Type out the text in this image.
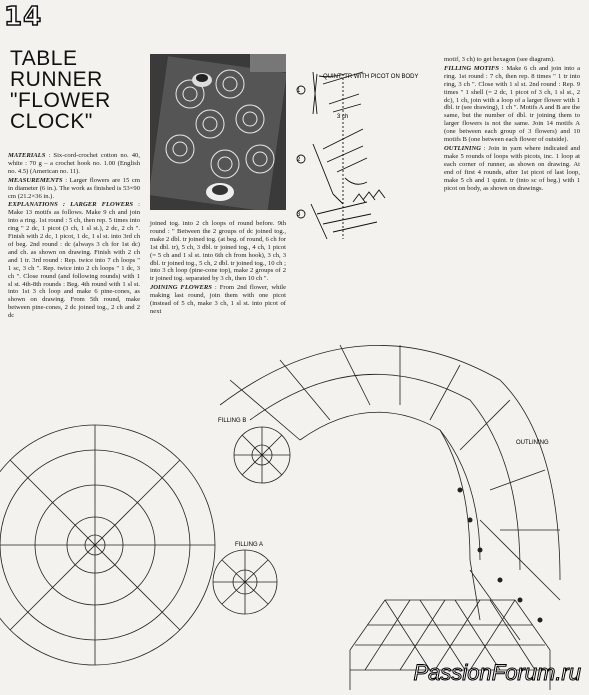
14
TABLE
RUNNER
"FLOWER
CLOCK"

MATERIALS : Six-cord-crochet cotton no. 40, white : 70 g – a crochet hook no. 1.00 (English no. 4.5) (American no. 11).

MEASUREMENTS : Larger flowers are 15 cm in diameter (6 in.). The work as finished is 53×90 cm (21.2×36 in.).

EXPLANATIONS : LARGER FLOWERS : Make 13 motifs as follows. Make 9 ch and join into a ring. 1st round : 5 ch, then rep. 5 times into ring " 2 dc, 1 picot (3 ch, 1 sl st.), 2 dc, 2 ch ". Finish with 2 dc, 1 picot, 1 dc, 1 sl st. into 3rd ch of beg. 2nd round : dc (always 3 ch for 1st dc) and ch. as shown on drawing. Finish with 2 ch and 1 tr. 3rd round : Rep. twice into 7 ch loops " 1 sc, 3 ch ". Rep. twice into 2 ch loops " 1 dc, 3 ch ". Close round (and following rounds) with 1 sl st. 4th-8th rounds : Beg. 4th round with 1 sl st. into 1st 3 ch loop and make 6 pine-cones, as shown on drawing. From 5th round, make between pine-cones, 2 dc joined tog., 2 ch and 2 dc

joined tog. into 2 ch loops of round before. 9th round : " Between the 2 groups of dc joined tog., make 2 dbl. tr joined tog. (at beg. of round, 6 ch for 1st dbl. tr), 5 ch, 3 dbl. tr joined tog., 4 ch, 1 picot (= 5 ch and 1 sl st. into 6th ch from hook), 3 ch, 3 dbl. tr joined tog., 5 ch, 2 dbl. tr joined tog., 10 ch ; into 3 ch loop (pine-cone top), make 2 groups of 2 tr joined tog. separated by 3 ch, then 10 ch ".

JOINING FLOWERS : From 2nd flower, while making last round, join them with one picot (instead of 5 ch, make 3 ch, 1 sl st. into picot of next

1
2
3
QUINT. TR WITH PICOT ON BODY
3 ch

motif, 3 ch) to get hexagon (see diagram).

FILLING MOTIFS : Make 6 ch and join into a ring. 1st round : 7 ch, then rep. 8 times " 1 tr into ring, 3 ch ". Close with 1 sl st. 2nd round : Rep. 9 times " 1 shell (= 2 dc, 1 picot of 3 ch, 1 sl st., 2 dc), 1 ch, join with a loop of a larger flower with 1 dbl. tr (see drawing), 1 ch ". Motifs A and B are the same, but the number of dbl. tr joining them to larger flowers is not the same. Join 14 motifs A (one between each group of 3 flowers) and 10 motifs B (one between each flower of outside).

OUTLINING : Join in yarn where indicated and make 5 rounds of loops with picots, inc. 1 loop at each corner of runner, as shown on drawing. At end of first 4 rounds, after 1st picot of last loop, make 5 ch and 1 quint. tr (into sc of beg.) with 1 picot on body, as shown on drawings.

FILLING B
FILLING A
OUTLINING
PassionForum.ru
